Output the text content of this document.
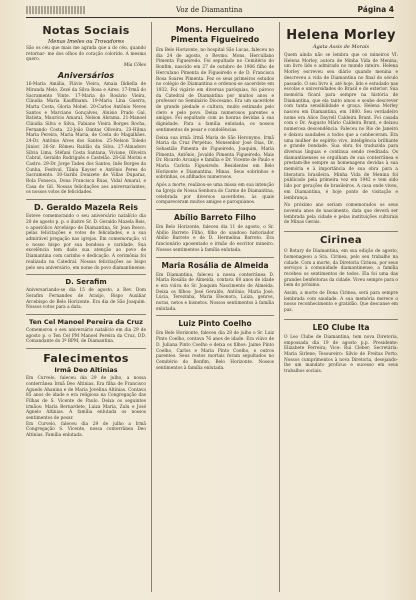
Voz de Diamantina	Página 4
Notas Sociais
Menas Imeles ou Trovadores

São os céu que mais me agrada que a do céu, quando retornar- me dos olhos do coração colorido. A mesma quero.

Mia Côles
Aniversários

16-Maria Amália, Flávio Vieira, Amaia Ilidiella de Miranda Melo, Zezé da Silva Rosa e Aires. 17-Irmã do Sacramento Vinte. 17-Maria do Rosário Vieira, Cláudia Maria Kauffmann. 19-Maria Lina Guerra, Marta Costa, Gloria Mobel. 20-Carlos Antônio Neves Santos e Marciano Gonçalves, Aluísio Prado Gal. Batista, Maurício Amaral, Nelson Abrama. 21-Manoel Cláudia Silva e Silva, Fabiano Vieira Borges Rocha, Fernando Costa. 22-João Dantas Oliveira. 23-Hilma Maria Pereira, Maria Maria, de Costa do Magalhães. 24-Dr. Antônio Alves dos Santos. 25-Nelson Toledo Júnior. 26-Sr. Rômeu Raldão da Silva. 27-Almadoro Sílvia Lima, Stéfani Costa Santana, Viviane, Oliveira Cabral, Geraldo Rodriguês e Castelão. 28-Gil Morini e Castro. 29-Dr. Jorge Tadeu dos Santos, Inês Borges da Cunha, Festival, Tânia Kayser e Antônio Peres do Sacramento. 30-Garibi Donizete de Villas Duparaz, Rola Fonseca, Dona Francisca Ruas, Vidal Amaral, e Casa do Gil. Nossas felicitações aos aniversariantes, os nossos votos de felicidades.

D. Geraldo Mazela Reis

Esteve comemorando o seu aniversário natalício dia 20 de agosto p. p. o ilustre Sr. D. Geraldo Mazela Reis, o apostólico Arcebispo de Diamantina, Sr. Jean Bosco, pelas felicitações e votos de felicidades, e a sua admirável pregação nas igrejas. Em comemoração, vi o nosso bispo por sua bondosa e caridade. Sua excelência tem dado sua atenção ao povo de Diamantina com carinho e dedicação. A cerimônia foi realizada na Catedral. Nossas felicitações ao bispo pelo seu aniversário, em nome do povo diamantinense.

D. Serafim

Aniversariando-se dia 15 de agosto, a Rev. Dom Serafim Fernandes de Araújo, Bispo Auxiliar Arcebispo de Belo Horizonte. Era dia de São Joaquim. Nossos votos para a data.

Ten Cel Manoel Pereira da Cruz

Comemorou o seu aniversário natalício em dia 29 de agosto p. o Ten Cel PM Manoel Pereira da Cruz, DD. Comandante do 3º BPM, de Diamantina.

Falecimentos
Irmã Deo Altinias

Em Curvelo, faleceu dia 29 de julho, a nossa conterrânea Irmã Deo Altinias. Era filha de Francisco Aguedo Ahanina e de Maria Jovelina Altinias. Contava 85 anos de idade e era religiosa na Congregação das Filhas de S. Vicente de Paulo. Deixa os seguintes irmãos: Maria Bernardete, Luiza Maria, Zulu e José Agnelo Altinias. À família enlutada os nossos sentimentos de pesar.

Em Curvelo, faleceu dia 29 de julho a Irmã Congregação S. Vicente, nossa conterrânea Deo Altinias. Família enlutada.

Mons. Hercullano Pimenta Figueiredo

Em Belo Horizonte, no hospital São Lucas, faleceu no dia 24 de agosto, o Revmo. Mons. Hercullano Pimenta Figueiredo. Foi sepultado no Cemitério do Bonfim, nascido em 27 de outubro de 1906 filho de Herculano Pimenta de Figueiredo e de D. Francisca Rosa Soares Pimenta. Fez os seus primeiros estudos no colégio de Diamantina e ordenou-se sacerdote em 1932. Foi vigário em diversas paróquias, foi pároco da Catedral de Diamantina por muitos anos e professor no Seminário Diocesano. Era um sacerdote de grande piedade e cultura, muito estimado pelo clero e pelo povo. Deixa numerosos parentes e amigos. Foi sepultado com as honras devidas à sua dignidade. Para a família enlutada, os nossos sentimentos de pesar e condolências.

Deixa sua irmã: Irmã Maria de São Heronymo, Irmã Maria da Cruz Perpétuo, Monsenhor José Dias, Dr. Sebastião Pimenta de Figueiredo, Joaquim, Maria Pimenta, Antônio, Jovaldo Pimenta Figueiredo. Mais Dr. Ricardo Arcanjo e família e Dr. Vicente de Paulo e Maria Carlota Figueiredo. Residentes em Belo Horizonte e Diamantina, Minas. Seus sobrinhos e sobrinhas, os afilhados numerosos.

Após a morte, realizou-se uma missa em sua intenção na Igreja de Nossa Senhora do Carmo de Diamantina, celebrada por diversos sacerdotes, às quais compareceram muitos amigos e paroquianos.

Abílio Barreto Filho

Em Belo Horizonte, faleceu dia 11 de agosto, o Sr. Abílio Barreto Filho, filho do saudoso historiador Abílio Barreto e de D. Hermelina Barreto. Era funcionário aposentado e irmão do escritor mineiro. Nossos sentimentos à família enlutada.

Maria Rosália de Almeida

Em Diamantina, faleceu a nossa conterrânea D. Maria Rosália de Almeida, contava 68 anos de idade e era viúva do Sr. Joaquim Nascimento de Almeida. Deixa os filhos: José Geraldo, Antônio, Maria José, Lúcia, Terezinha, Maria Eleonora, Luiza, genros, noras, netos e bisnetos. Nossos sentimentos à família enlutada.

Luiz Pinto Coelho

Em Belo Horizonte, faleceu dia 28 de julho o Sr. Luiz Pinto Coelho, contava 76 anos de idade. Era viúvo de D. Juliana Pinto Coelho e deixa os filhos: Jaime Pinto Coelho, Carlos e Maria Pinto Coelho, e outros parentes. Seus restos mortais foram sepultados no Cemitério do Bonfim, Belo Horizonte. Nossos sentimentos à família enlutada.

Helena Morley
Ágata Assis de Morais

Quem ainda não se lembra que os mineiros VI. Helena Morley, autora de Minha Vida de Menina, um livro lido e admirado no mundo inteiro. Helena Morley escreveu seu diário quando menina e descreveu a vida de Diamantina no final do século passado. O seu livro é, até hoje, lido e estudado nas escolas e universidades do Brasil e do exterior. Sua memória ficará para sempre na história de Diamantina, que ela tanto amou e soube descrever com tanta sensibilidade e graça. Helena Morley nasceu em Diamantina, em 1880. Seu verdadeiro nome era Alice Dayrell Caldeira Brant. Foi casada com o Dr. Augusto Mário Caldeira Brant, e deixou numerosa descendência. Faleceu no Rio de Janeiro e deixou saudades a todos que a conheceram. Era uma mulher de espírito vivo, inteligência brilhante e grande bondade. Sua obra foi traduzida para diversas línguas e continua sendo reeditada. Os diamantinenses se orgulham de sua conterrânea e prestam-lhe sempre as homenagens devidas à sua memória e à importância de sua obra para a literatura brasileira. Minha Vida de Menina foi publicado pela primeira vez em 1942 e tem sido lido por gerações de brasileiros. A casa onde viveu, em Diamantina, é hoje ponto de visitação e lembrança.

No próximo ano seriam comemorados os seus noventa anos de nascimento, data que deverá ser lembrada pela cidade e pelas instituições culturais de Minas Gerais.

Cirinea

O Rotary de Diamantina, em sua edição de agosto, homenageou a Sra. Cirinea, pelo seu trabalho na cidade. Com a morte, da Diretoria Cirinea, por seus serviços à comunidade diamantinense, a família recebeu os sentimentos de todos. Ela foi uma das grandes benfeitoras da cidade. Viveu sempre para o bem do próximo.

Assim, a morte de Dona Cirinea, será para sempre lembrada com saudade. A sua memória merece o nosso reconhecimento e gratidão. Que descanse em paz.

LEO Clube Ita

O Leo Clube de Diamantina, tem nova Diretoria, empossada dia 19 de agosto p.p. Presidente: Elizabete Ferreira; Vice: Rui Cleber; Secretária: Maria Sirlene; Tesoureiro: Sílvio de Freitas Porto. Nossos cumprimentos à nova Diretoria, desejando-lhe um mandato profícuo e sucesso em seus trabalhos sociais.
